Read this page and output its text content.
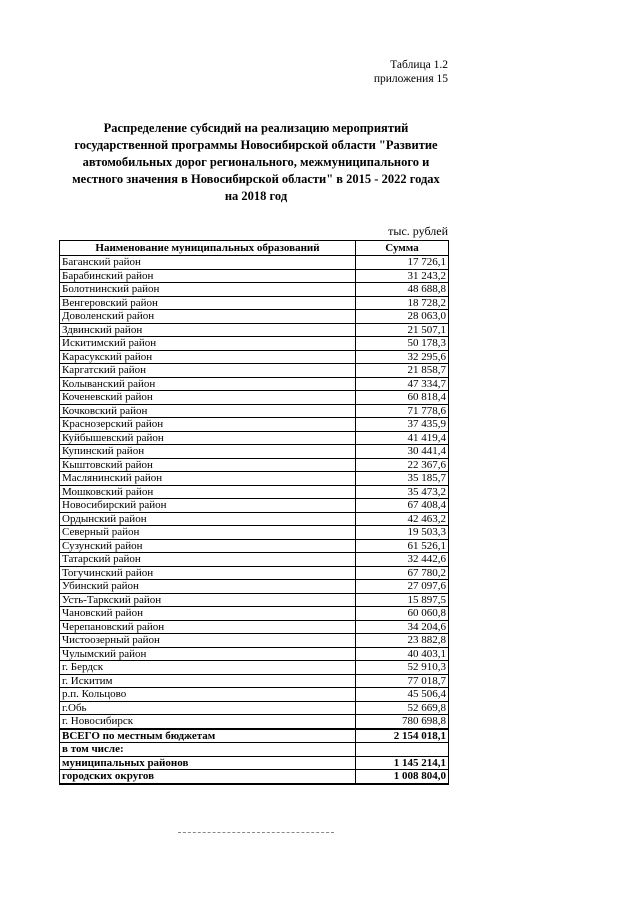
Таблица 1.2
приложения 15
Распределение субсидий на реализацию мероприятий
государственной программы Новосибирской области "Развитие
автомобильных дорог регионального, межмуниципального и
местного значения в Новосибирской области" в 2015 - 2022 годах
на 2018 год
тыс. рублей
Наименование муниципальных образований	Сумма
Баганский район	17 726,1
Барабинский район	31 243,2
Болотнинский район	48 688,8
Венгеровский район	18 728,2
Доволенский район	28 063,0
Здвинский район	21 507,1
Искитимский район	50 178,3
Карасукский район	32 295,6
Каргатский район	21 858,7
Колыванский район	47 334,7
Коченевский район	60 818,4
Кочковский район	71 778,6
Краснозерский район	37 435,9
Куйбышевский район	41 419,4
Купинский район	30 441,4
Кыштовский район	22 367,6
Маслянинский район	35 185,7
Мошковский район	35 473,2
Новосибирский район	67 408,4
Ордынский район	42 463,2
Северный район	19 503,3
Сузунский район	61 526,1
Татарский район	32 442,6
Тогучинский район	67 780,2
Убинский район	27 097,6
Усть-Таркский район	15 897,5
Чановский район	60 060,8
Черепановский район	34 204,6
Чистоозерный район	23 882,8
Чулымский район	40 403,1
г. Бердск	52 910,3
г. Искитим	77 018,7
р.п. Кольцово	45 506,4
г.Обь	52 669,8
г. Новосибирск	780 698,8
ВСЕГО по местным бюджетам	2 154 018,1
в том числе:	
муниципальных районов	1 145 214,1
городских округов	1 008 804,0
